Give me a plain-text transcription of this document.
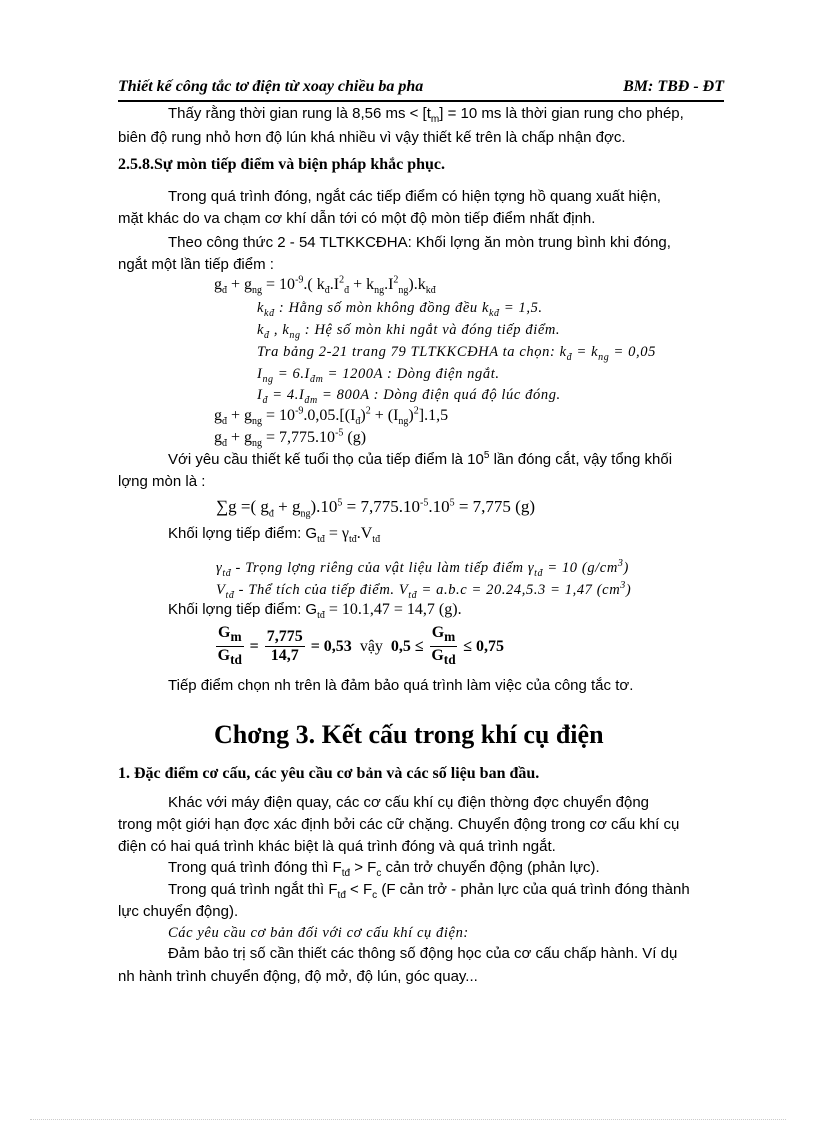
Thiết kế công tắc tơ điện từ xoay chiều ba pha	BM: TBĐ - ĐT
Thấy rằng thời gian rung là 8,56 ms < $[t_m] = 10$ ms là thời gian rung cho phép,
biên độ rung nhỏ hơn độ lún khá nhiều vì vậy thiết kế trên là chấp nhận đợc.
2.5.8.Sự mòn tiếp điểm và biện pháp khắc phục.
Trong quá trình đóng, ngắt các tiếp điểm có hiện tợng hồ quang xuất hiện,
mặt khác do va chạm cơ khí dẫn tới có một độ mòn tiếp điểm nhất định.
Theo công thức 2 - 54 TLTKKCĐHA: Khối lợng ăn mòn trung bình khi đóng,
ngắt một lần tiếp điểm :
$g_đ + g_{ng} = 10^{-9}$.( $k_đ.I^2_đ + k_{ng}.I^2_{ng}).k_{kđ}$
$k_{kđ}$ : Hằng số mòn không đồng đều $k_{kđ} = 1,5$.
$k_đ$ , $k_{ng}$ : Hệ số mòn khi ngắt và đóng tiếp điểm.
Tra bảng 2-21 trang 79 TLTKKCĐHA ta chọn: $k_đ = k_{ng} = 0,05$
$I_{ng} = 6.I_{đm} = 1200A$ : Dòng điện ngắt.
$I_đ = 4.I_{đm} = 800A$ : Dòng điện quá độ lúc đóng.
$g_đ + g_{ng} = 10^{-9}.0,05.[(I_đ)^2 + (I_{ng})^2].1,5$
$g_đ + g_{ng} = 7,775.10^{-5}$ (g)
Với yêu cầu thiết kế tuổi thọ của tiếp điểm là $10^5$ lần đóng cắt, vậy tổng khối
lợng mòn là :
∑g =( $g_đ + g_{ng}).10^5 = 7,775.10^{-5}.10^5 = 7,775$ (g)
Khối lợng tiếp điểm: $G_{tđ} = \gamma_{tđ}.V_{tđ}$
$\gamma_{tđ}$ - Trọng lợng riêng của vật liệu làm tiếp điểm $\gamma_{tđ} = 10$ $(g/cm^3)$
$V_{tđ}$ - Thể tích của tiếp điểm. $V_{tđ} = a.b.c = 20.24,5.3 = 1,47$ $(cm^3)$
Khối lợng tiếp điểm: $G_{tđ} = 10.1,47 = 14,7$ (g).
$\frac{G_m}{G_{td}} = \frac{7,775}{14,7} = 0,53$ vậy $0,5 \le \frac{G_m}{G_{td}} \le 0,75$
Tiếp điểm chọn nh trên là đảm bảo quá trình làm việc của công tắc tơ.
Chơng 3. Kết cấu trong khí cụ điện
1. Đặc điểm cơ cấu, các yêu cầu cơ bản và các số liệu ban đầu.
Khác với máy điện quay, các cơ cấu khí cụ điện thờng đợc chuyển động
trong một giới hạn đợc xác định bởi các cữ chặng. Chuyển động trong cơ cấu khí cụ
điện có hai quá trình khác biệt là quá trình đóng và quá trình ngắt.
Trong quá trình đóng thì $F_{tđ} > F_c$ cản trở chuyển động (phản lực).
Trong quá trình ngắt thì $F_{tđ} < F_c$ (F cản trở - phản lực của quá trình đóng thành
lực chuyển động).
Các yêu cầu cơ bản đối với cơ cấu khí cụ điện:
Đảm bảo trị số cần thiết các thông số động học của cơ cấu chấp hành. Ví dụ
nh hành trình chuyển động, độ mở, độ lún, góc quay...
